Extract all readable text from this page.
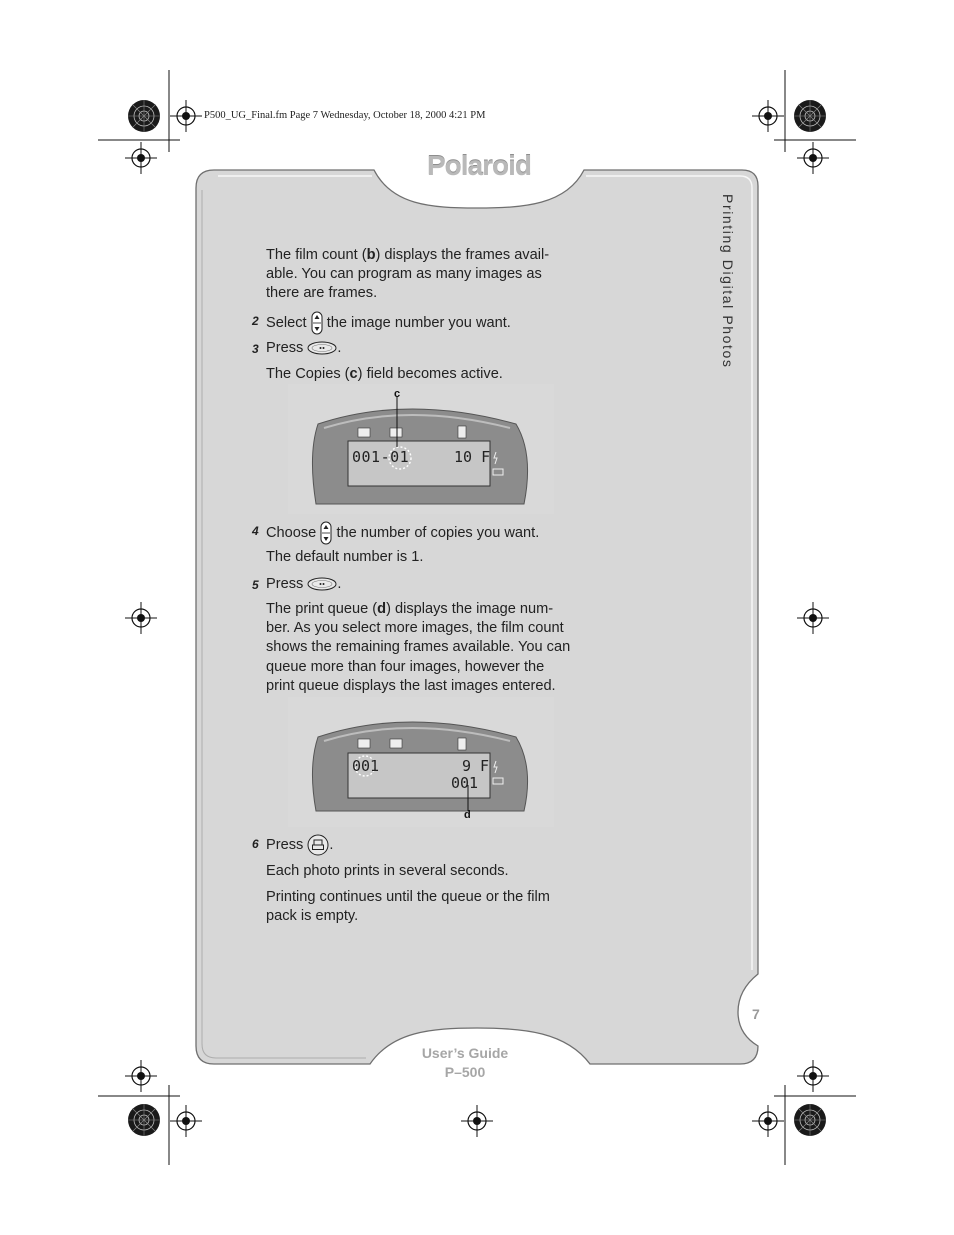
P500_UG_Final.fm Page 7 Wednesday, October 18, 2000 4:21 PM
Polaroid
Printing Digital Photos
7
User’s Guide
P–500
The film count (b) displays the frames avail-
able. You can program as many images as
there are frames.
2 Select the image number you want.
3 Press .
The Copies (c) field becomes active.
4 Choose the number of copies you want.
The default number is 1.
5 Press .
The print queue (d) displays the image num-
ber. As you select more images, the film count
shows the remaining frames available. You can
queue more than four images, however the
print queue displays the last images entered.
6 Press .
Each photo prints in several seconds.
Printing continues until the queue or the film
pack is empty.
c
001-01	10 F
d
001	9 F
001
